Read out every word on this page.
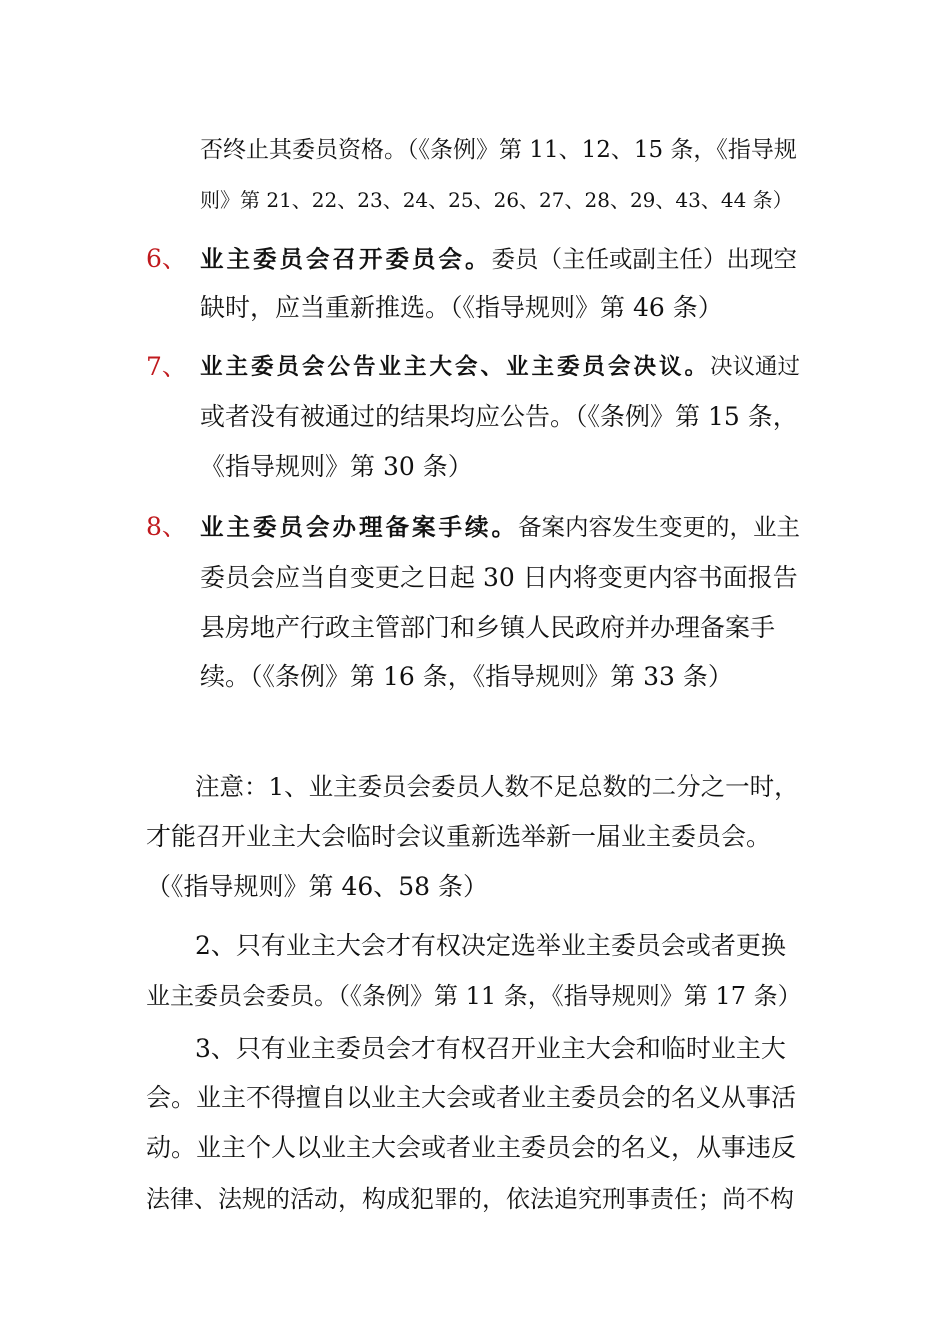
否终止其委员资格。（《条例》第 11、12、15 条，《指导规
则》第 21、22、23、24、25、26、27、28、29、43、44 条）
6、 业主委员会召开委员会。委员（主任或副主任）出现空
缺时，应当重新推选。（《指导规则》第 46 条）
7、 业主委员会公告业主大会、业主委员会决议。决议通过
或者没有被通过的结果均应公告。（《条例》第 15 条，
《指导规则》第 30 条）
8、 业主委员会办理备案手续。备案内容发生变更的，业主
委员会应当自变更之日起 30 日内将变更内容书面报告
县房地产行政主管部门和乡镇人民政府并办理备案手
续。（《条例》第 16 条，《指导规则》第 33 条）
注意：1、业主委员会委员人数不足总数的二分之一时，
才能召开业主大会临时会议重新选举新一届业主委员会。
（《指导规则》第 46、58 条）
2、只有业主大会才有权决定选举业主委员会或者更换
业主委员会委员。（《条例》第 11 条，《指导规则》第 17 条）
3、只有业主委员会才有权召开业主大会和临时业主大
会。业主不得擅自以业主大会或者业主委员会的名义从事活
动。业主个人以业主大会或者业主委员会的名义，从事违反
法律、法规的活动，构成犯罪的，依法追究刑事责任；尚不构
